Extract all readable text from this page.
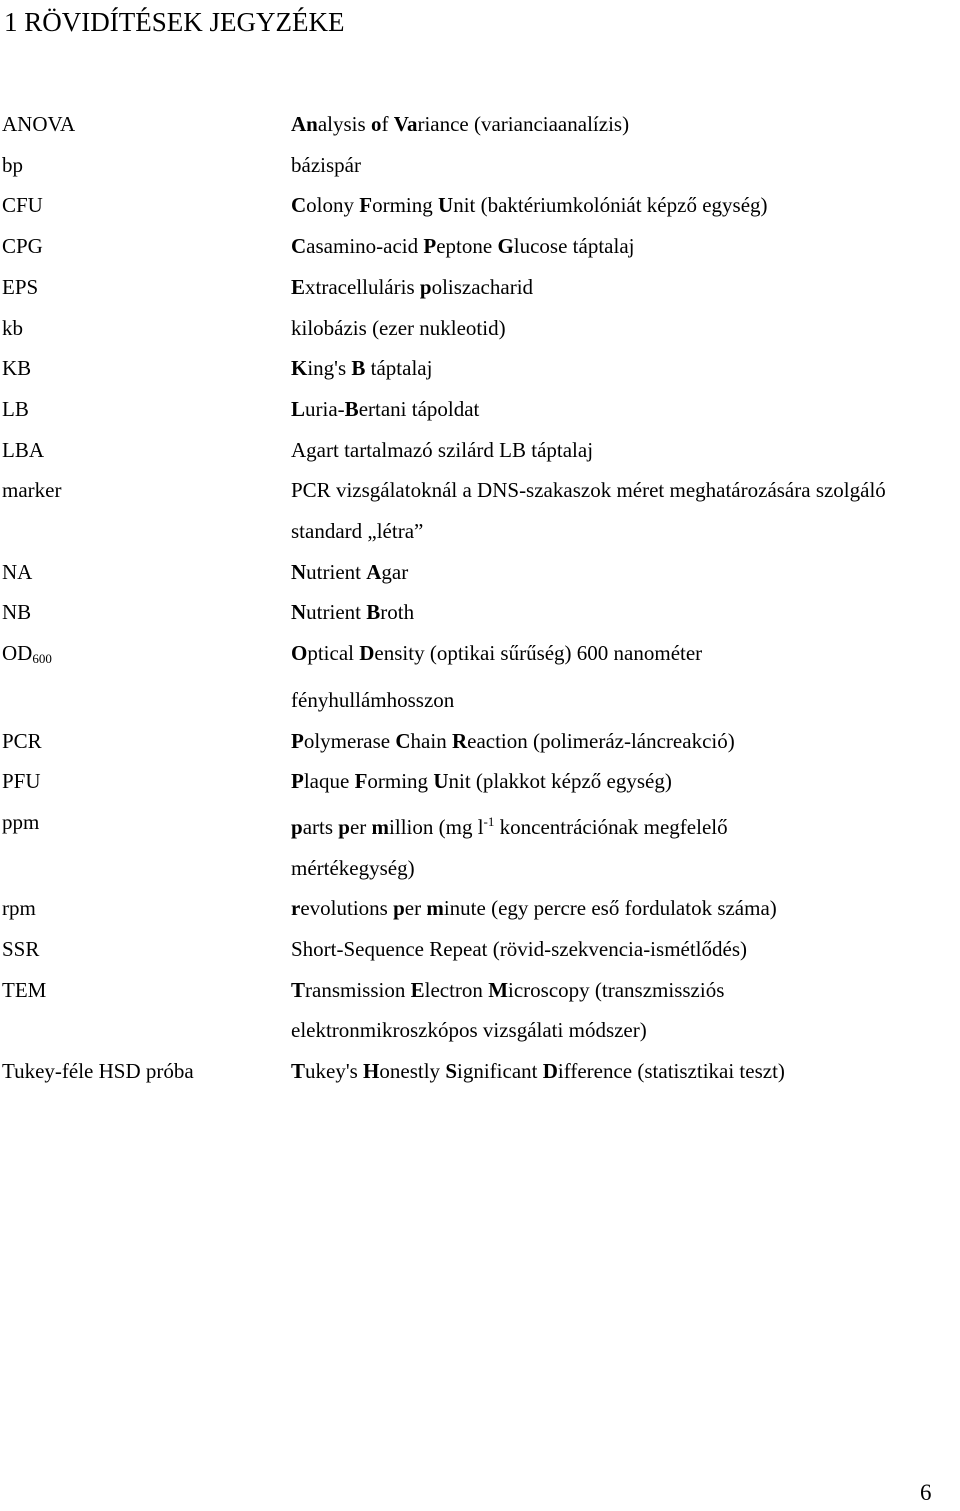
1 RÖVIDÍTÉSEK JEGYZÉKE
ANOVA	Analysis of Variance (varianciaanalízis)
bp	bázispár
CFU	Colony Forming Unit (baktériumkolóniát képző egység)
CPG	Casamino-acid Peptone Glucose táptalaj
EPS	Extracelluláris poliszacharid
kb	kilobázis (ezer nukleotid)
KB	King's B táptalaj
LB	Luria-Bertani tápoldat
LBA	Agart tartalmazó szilárd LB táptalaj
marker	PCR vizsgálatoknál a DNS-szakaszok méret meghatározására szolgáló
standard „létra”
NA	Nutrient Agar
NB	Nutrient Broth
$OD_{600}$	Optical Density (optikai sűrűség) 600 nanométer
fényhullámhosszon
PCR	Polymerase Chain Reaction (polimeráz-láncreakció)
PFU	Plaque Forming Unit (plakkot képző egység)
ppm	parts per million (mg $l^{-1}$ koncentrációnak megfelelő
mértékegység)
rpm	revolutions per minute (egy percre eső fordulatok száma)
SSR	Short-Sequence Repeat (rövid-szekvencia-ismétlődés)
TEM	Transmission Electron Microscopy (transzmissziós
elektronmikroszkópos vizsgálati módszer)
Tukey-féle HSD próba	Tukey's Honestly Significant Difference (statisztikai teszt)
6
